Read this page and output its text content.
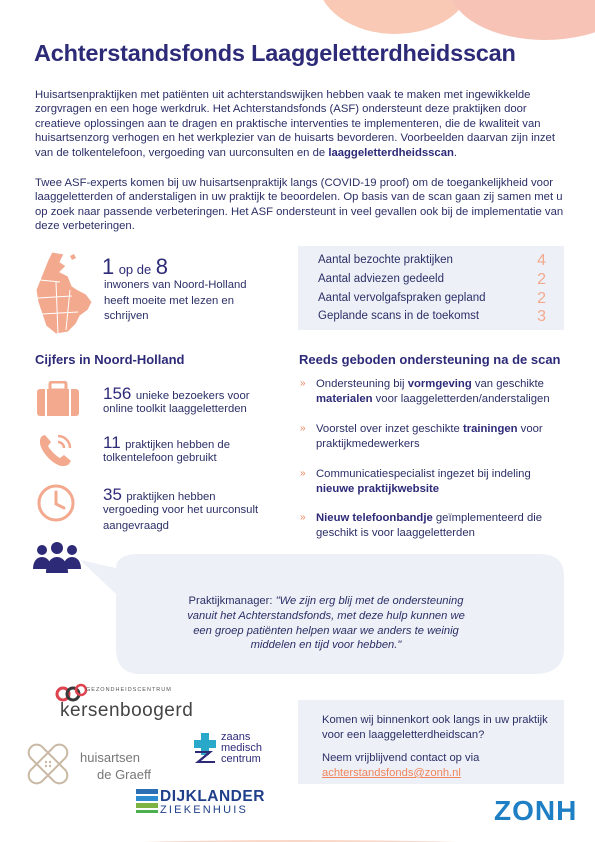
Achterstandsfonds Laaggeletterdheidsscan
Huisartsenpraktijken met patiënten uit achterstandswijken hebben vaak te maken met ingewikkelde zorgvragen en een hoge werkdruk. Het Achterstandsfonds (ASF) ondersteunt deze praktijken door creatieve oplossingen aan te dragen en praktische interventies te implementeren, die de kwaliteit van huisartsenzorg verhogen en het werkplezier van de huisarts bevorderen. Voorbeelden daarvan zijn inzet van de tolkentelefoon, vergoeding van uurconsulten en de laaggeletterdheidsscan.
Twee ASF-experts komen bij uw huisartsenpraktijk langs (COVID-19 proof) om de toegankelijkheid voor laaggeletterden of anderstaligen in uw praktijk te beoordelen. Op basis van de scan gaan zij samen met u op zoek naar passende verbeteringen. Het ASF ondersteunt in veel gevallen ook bij de implementatie van deze verbeteringen.
1 op de 8
inwoners van Noord-Holland heeft moeite met lezen en schrijven
Aantal bezochte praktijken	4
Aantal adviezen gedeeld	2
Aantal vervolgafspraken gepland	2
Geplande scans in de toekomst	3
Cijfers in Noord-Holland
156 unieke bezoekers voor
online toolkit laaggeletterden
11 praktijken hebben de
tolkentelefoon gebruikt
35 praktijken hebben
vergoeding voor het uurconsult aangevraagd
Reeds geboden ondersteuning na de scan
» Ondersteuning bij vormgeving van geschikte materialen voor laaggeletterden/anderstaligen
» Voorstel over inzet geschikte trainingen voor praktijkmedewerkers
» Communicatiespecialist ingezet bij indeling nieuwe praktijkwebsite
» Nieuw telefoonbandje geïmplementeerd die geschikt is voor laaggeletterden
Praktijkmanager: "We zijn erg blij met de ondersteuning vanuit het Achterstandsfonds, met deze hulp kunnen we een groep patiënten helpen waar we anders te weinig middelen en tijd voor hebben."
Komen wij binnenkort ook langs in uw praktijk voor een laaggeletterdheidscan?
Neem vrijblijvend contact op via
achterstandsfonds@zonh.nl
GEZONDHEIDSCENTRUM
kersenboogerd
huisartsen
de Graeff
zaans
medisch
centrum
DIJKLANDER
ZIEKENHUIS	ZONH
